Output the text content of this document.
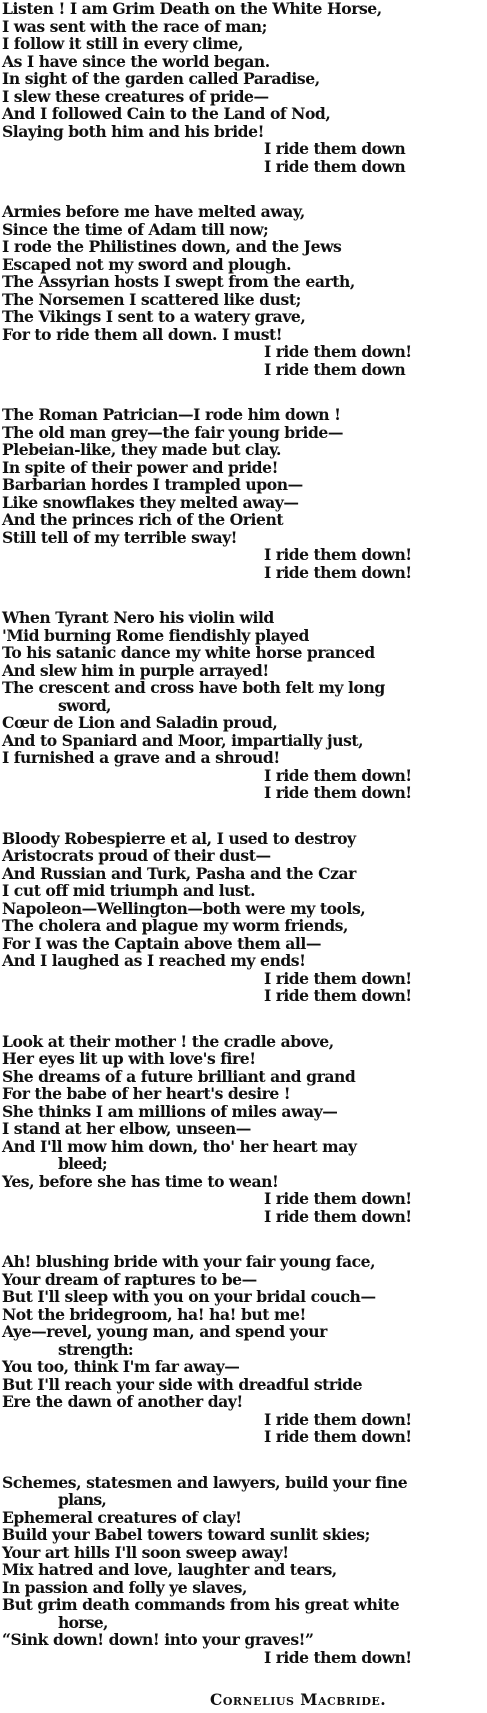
Listen ! I am Grim Death on the White Horse,
I was sent with the race of man;
I follow it still in every clime,
As I have since the world began.
In sight of the garden called Paradise,
I slew these creatures of pride—
And I followed Cain to the Land of Nod,
Slaying both him and his bride!
I ride them down
I ride them down
Armies before me have melted away,
Since the time of Adam till now;
I rode the Philistines down, and the Jews
Escaped not my sword and plough.
The Assyrian hosts I swept from the earth,
The Norsemen I scattered like dust;
The Vikings I sent to a watery grave,
For to ride them all down. I must!
I ride them down!
I ride them down
The Roman Patrician—I rode him down !
The old man grey—the fair young bride—
Plebeian-like, they made but clay.
In spite of their power and pride!
Barbarian hordes I trampled upon—
Like snowflakes they melted away—
And the princes rich of the Orient
Still tell of my terrible sway!
I ride them down!
I ride them down!
When Tyrant Nero his violin wild
'Mid burning Rome fiendishly played
To his satanic dance my white horse pranced
And slew him in purple arrayed!
The crescent and cross have both felt my long
sword,
Cœur de Lion and Saladin proud,
And to Spaniard and Moor, impartially just,
I furnished a grave and a shroud!
I ride them down!
I ride them down!
Bloody Robespierre et al, I used to destroy
Aristocrats proud of their dust—
And Russian and Turk, Pasha and the Czar
I cut off mid triumph and lust.
Napoleon—Wellington—both were my tools,
The cholera and plague my worm friends,
For I was the Captain above them all—
And I laughed as I reached my ends!
I ride them down!
I ride them down!
Look at their mother ! the cradle above,
Her eyes lit up with love's fire!
She dreams of a future brilliant and grand
For the babe of her heart's desire !
She thinks I am millions of miles away—
I stand at her elbow, unseen—
And I'll mow him down, tho' her heart may
bleed;
Yes, before she has time to wean!
I ride them down!
I ride them down!
Ah! blushing bride with your fair young face,
Your dream of raptures to be—
But I'll sleep with you on your bridal couch—
Not the bridegroom, ha! ha! but me!
Aye—revel, young man, and spend your
strength:
You too, think I'm far away—
But I'll reach your side with dreadful stride
Ere the dawn of another day!
I ride them down!
I ride them down!
Schemes, statesmen and lawyers, build your fine
plans,
Ephemeral creatures of clay!
Build your Babel towers toward sunlit skies;
Your art hills I'll soon sweep away!
Mix hatred and love, laughter and tears,
In passion and folly ye slaves,
But grim death commands from his great white
horse,
“Sink down! down! into your graves!”
I ride them down!
Cornelius Macbride.
